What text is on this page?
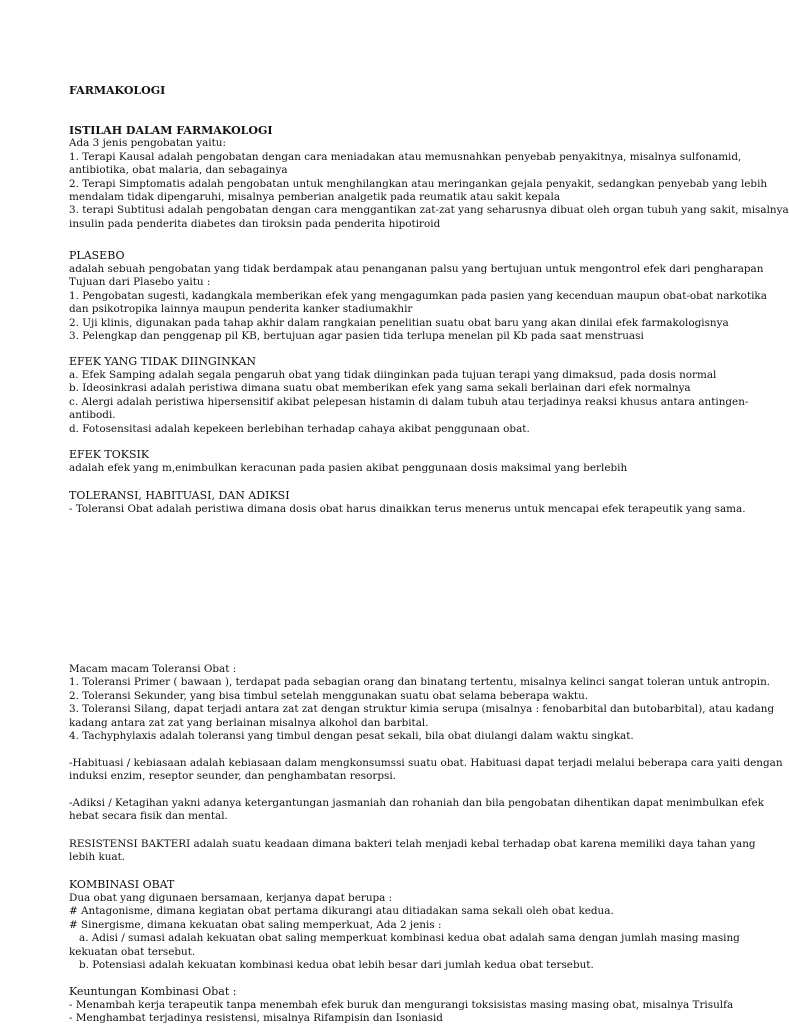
FARMAKOLOGI
ISTILAH DALAM FARMAKOLOGI
Ada 3 jenis pengobatan yaitu:
1. Terapi Kausal adalah pengobatan dengan cara meniadakan atau memusnahkan penyebab penyakitnya, misalnya sulfonamid,
antibiotika, obat malaria, dan sebagainya
2. Terapi Simptomatis adalah pengobatan untuk menghilangkan atau meringankan gejala penyakit, sedangkan penyebab yang lebih
mendalam tidak dipengaruhi, misalnya pemberian analgetik pada reumatik atau sakit kepala
3. terapi Subtitusi adalah pengobatan dengan cara menggantikan zat-zat yang seharusnya dibuat oleh organ tubuh yang sakit, misalnya
insulin pada penderita diabetes dan tiroksin pada penderita hipotiroid
PLASEBO
adalah sebuah pengobatan yang tidak berdampak atau penanganan palsu yang bertujuan untuk mengontrol efek dari pengharapan
Tujuan dari Plasebo yaitu :
1. Pengobatan sugesti, kadangkala memberikan efek yang mengagumkan pada pasien yang kecenduan maupun obat-obat narkotika
dan psikotropika lainnya maupun penderita kanker stadiumakhir
2. Uji klinis, digunakan pada tahap akhir dalam rangkaian penelitian suatu obat baru yang akan dinilai efek farmakologisnya
3. Pelengkap dan penggenap pil KB, bertujuan agar pasien tida terlupa menelan pil Kb pada saat menstruasi
EFEK YANG TIDAK DIINGINKAN
a. Efek Samping adalah segala pengaruh obat yang tidak diinginkan pada tujuan terapi yang dimaksud, pada dosis normal
b. Ideosinkrasi adalah peristiwa dimana suatu obat memberikan efek yang sama sekali berlainan dari efek normalnya
c. Alergi adalah peristiwa hipersensitif akibat pelepesan histamin di dalam tubuh atau terjadinya reaksi khusus antara antingen-
antibodi.
d. Fotosensitasi adalah kepekeen berlebihan terhadap cahaya akibat penggunaan obat.
EFEK TOKSIK
adalah efek yang m,enimbulkan keracunan pada pasien akibat penggunaan dosis maksimal yang berlebih
TOLERANSI, HABITUASI, DAN ADIKSI
- Toleransi Obat adalah peristiwa dimana dosis obat harus dinaikkan terus menerus untuk mencapai efek terapeutik yang sama.
Macam macam Toleransi Obat :
1. Toleransi Primer ( bawaan ), terdapat pada sebagian orang dan binatang tertentu, misalnya kelinci sangat toleran untuk antropin.
2. Toleransi Sekunder, yang bisa timbul setelah menggunakan suatu obat selama beberapa waktu.
3. Toleransi Silang, dapat terjadi antara zat zat dengan struktur kimia serupa (misalnya : fenobarbital dan butobarbital), atau kadang
kadang antara zat zat yang berlainan misalnya alkohol dan barbital.
4. Tachyphylaxis adalah toleransi yang timbul dengan pesat sekali, bila obat diulangi dalam waktu singkat.
-Habituasi / kebiasaan adalah kebiasaan dalam mengkonsumssi suatu obat. Habituasi dapat terjadi melalui beberapa cara yaiti dengan
induksi enzim, reseptor seunder, dan penghambatan resorpsi.
-Adiksi / Ketagihan yakni adanya ketergantungan jasmaniah dan rohaniah dan bila pengobatan dihentikan dapat menimbulkan efek
hebat secara fisik dan mental.
RESISTENSI BAKTERI adalah suatu keadaan dimana bakteri telah menjadi kebal terhadap obat karena memiliki daya tahan yang
lebih kuat.
KOMBINASI OBAT
Dua obat yang digunaen bersamaan, kerjanya dapat berupa :
# Antagonisme, dimana kegiatan obat pertama dikurangi atau ditiadakan sama sekali oleh obat kedua.
# Sinergisme, dimana kekuatan obat saling memperkuat, Ada 2 jenis :
a. Adisi / sumasi adalah kekuatan obat saling memperkuat kombinasi kedua obat adalah sama dengan jumlah masing masing
kekuatan obat tersebut.
b. Potensiasi adalah kekuatan kombinasi kedua obat lebih besar dari jumlah kedua obat tersebut.
Keuntungan Kombinasi Obat :
- Menambah kerja terapeutik tanpa menembah efek buruk dan mengurangi toksisistas masing masing obat, misalnya Trisulfa
- Menghambat terjadinya resistensi, misalnya Rifampisin dan Isoniasid
